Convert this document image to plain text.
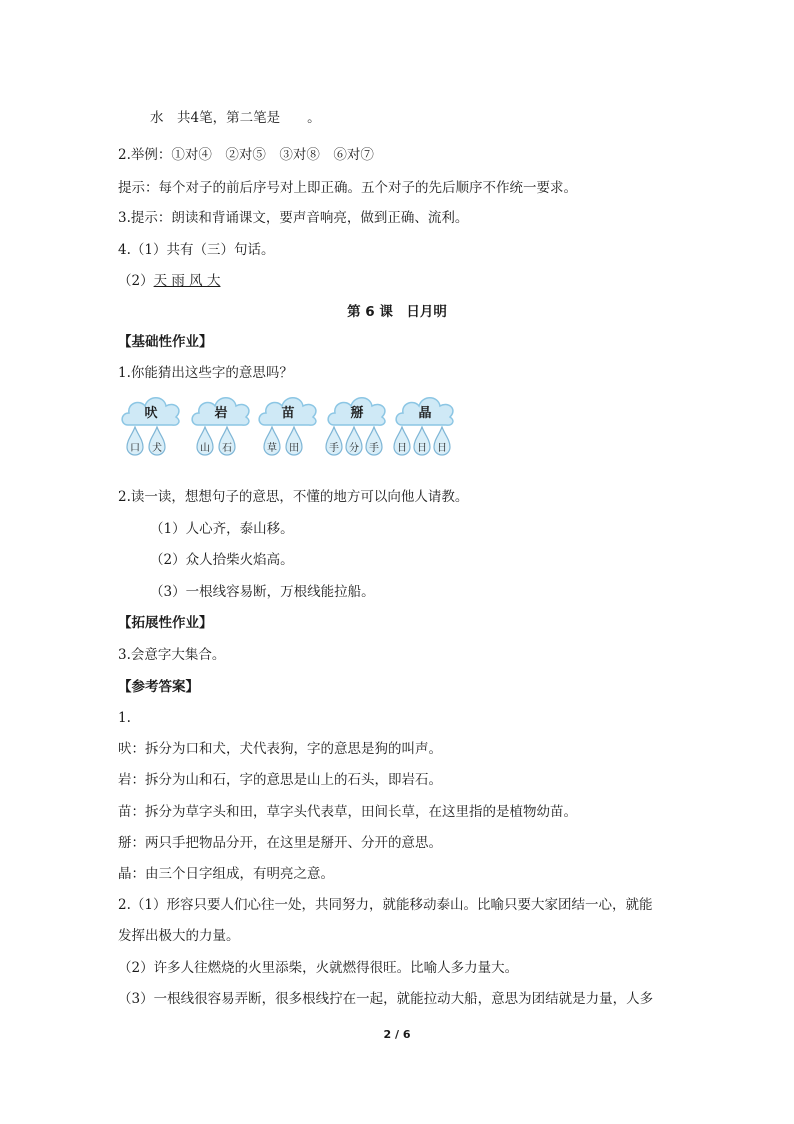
水　共4笔，第二笔是　　。
2.举例：①对④　②对⑤　③对⑧　⑥对⑦
提示：每个对子的前后序号对上即正确。五个对子的先后顺序不作统一要求。
3.提示：朗读和背诵课文，要声音响亮，做到正确、流利。
4.（1）共有（三）句话。
（2）天 雨 风 大
第 6 课　日月明
【基础性作业】
1.你能猜出这些字的意思吗？
吠
口	犬
岩
山	石
苗
草	田
掰
手	分	手
晶
日	日	日
2.读一读，想想句子的意思，不懂的地方可以向他人请教。
（1）人心齐，泰山移。
（2）众人拾柴火焰高。
（3）一根线容易断，万根线能拉船。
【拓展性作业】
3.会意字大集合。
【参考答案】
1.
吠：拆分为口和犬，犬代表狗，字的意思是狗的叫声。
岩：拆分为山和石，字的意思是山上的石头，即岩石。
苗：拆分为草字头和田，草字头代表草，田间长草，在这里指的是植物幼苗。
掰：两只手把物品分开，在这里是掰开、分开的意思。
晶：由三个日字组成，有明亮之意。
2.（1）形容只要人们心往一处，共同努力，就能移动泰山。比喻只要大家团结一心，就能
发挥出极大的力量。
（2）许多人往燃烧的火里添柴，火就燃得很旺。比喻人多力量大。
（3）一根线很容易弄断，很多根线拧在一起，就能拉动大船，意思为团结就是力量，人多
2 / 6
